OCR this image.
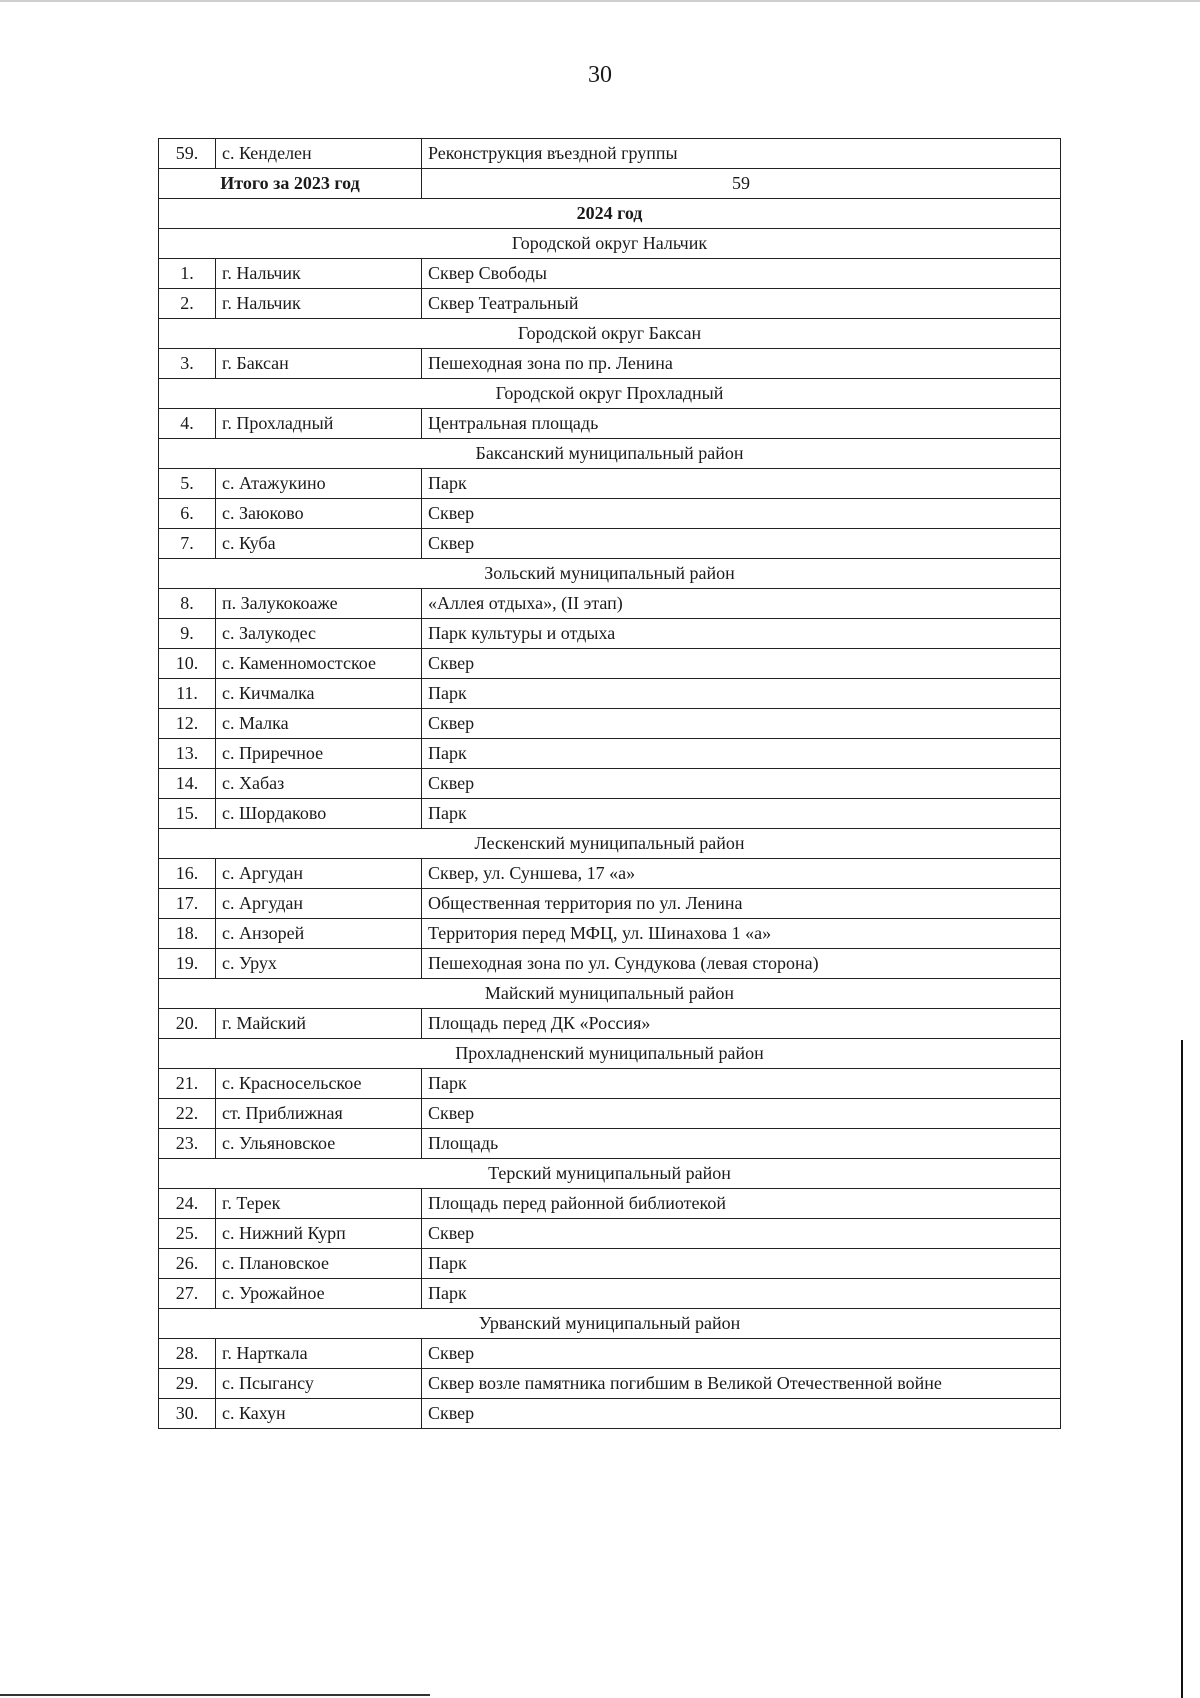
30
59.	с. Кенделен	Реконструкция въездной группы
Итого за 2023 год		59
2024 год		
Городской округ Нальчик		
1.	г. Нальчик	Сквер Свободы
2.	г. Нальчик	Сквер Театральный
Городской округ Баксан		
3.	г. Баксан	Пешеходная зона по пр. Ленина
Городской округ Прохладный		
4.	г. Прохладный	Центральная площадь
Баксанский муниципальный район		
5.	с. Атажукино	Парк
6.	с. Заюково	Сквер
7.	с. Куба	Сквер
Зольский муниципальный район		
8.	п. Залукокоаже	«Аллея отдыха», (II этап)
9.	с. Залукодес	Парк культуры и отдыха
10.	с. Каменномостское	Сквер
11.	с. Кичмалка	Парк
12.	с. Малка	Сквер
13.	с. Приречное	Парк
14.	с. Хабаз	Сквер
15.	с. Шордаково	Парк
Лескенский муниципальный район		
16.	с. Аргудан	Сквер, ул. Суншева, 17 «а»
17.	с. Аргудан	Общественная территория по ул. Ленина
18.	с. Анзорей	Территория перед МФЦ, ул. Шинахова 1 «а»
19.	с. Урух	Пешеходная зона по ул. Сундукова (левая сторона)
Майский муниципальный район		
20.	г. Майский	Площадь перед ДК «Россия»
Прохладненский муниципальный район		
21.	с. Красносельское	Парк
22.	ст. Приближная	Сквер
23.	с. Ульяновское	Площадь
Терский муниципальный район		
24.	г. Терек	Площадь перед районной библиотекой
25.	с. Нижний Курп	Сквер
26.	с. Плановское	Парк
27.	с. Урожайное	Парк
Урванский муниципальный район		
28.	г. Нарткала	Сквер
29.	с. Псыгансу	Сквер возле памятника погибшим в Великой Отечественной войне
30.	с. Кахун	Сквер
